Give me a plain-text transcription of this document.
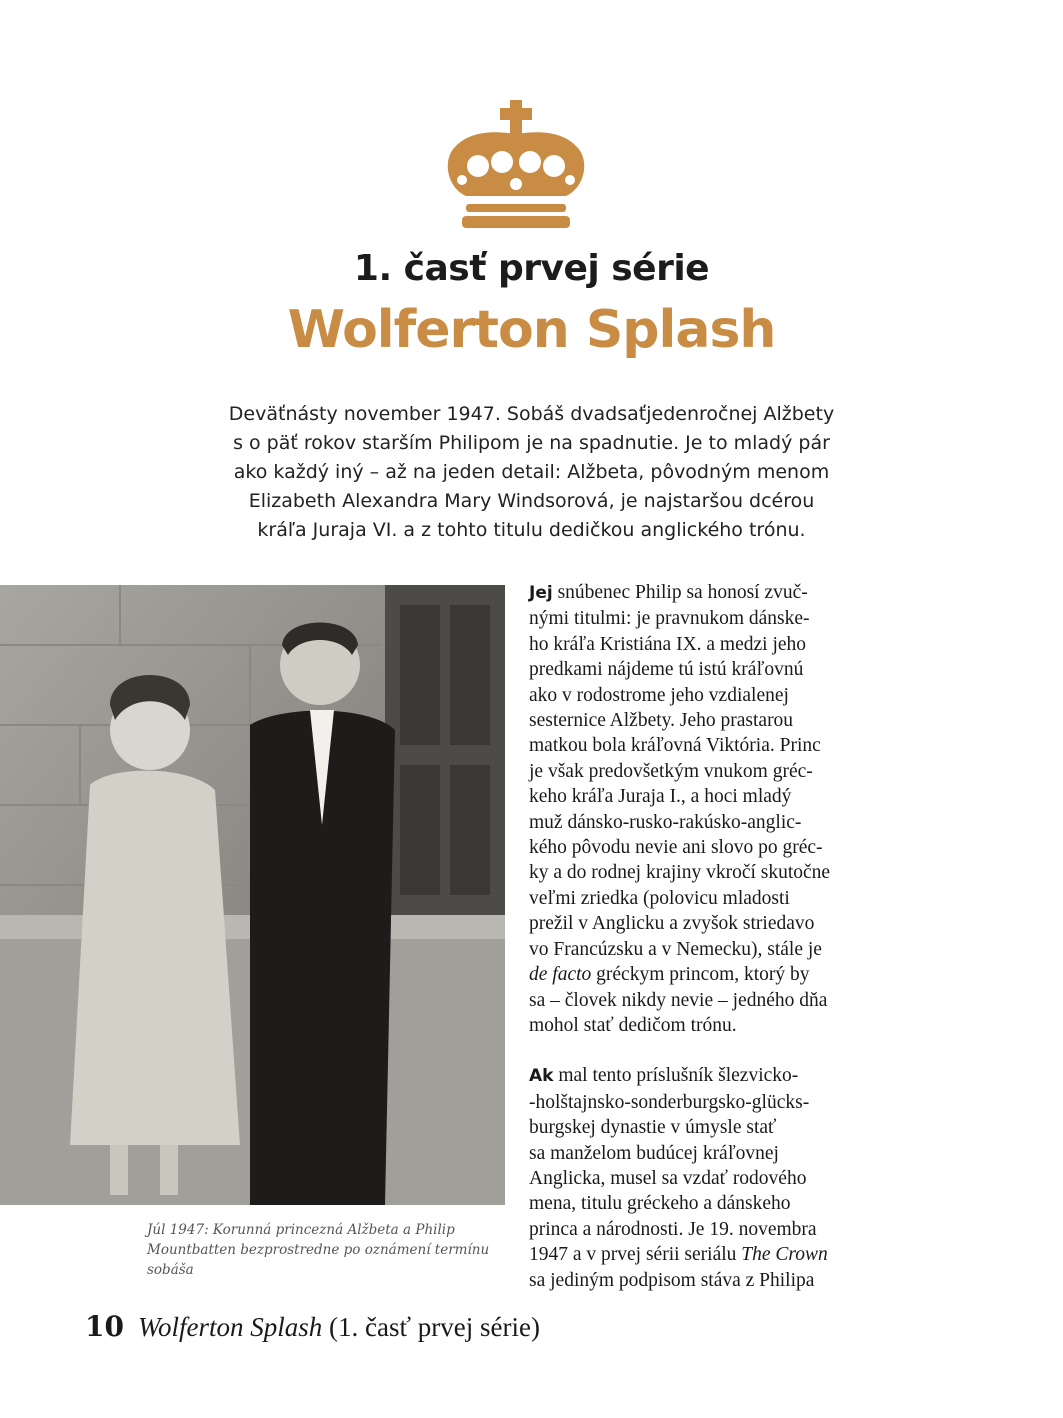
1. časť prvej série
Wolferton Splash
Deväťnásty november 1947. Sobáš dvadsaťjedenročnej Alžbety
s o päť rokov starším Philipom je na spadnutie. Je to mladý pár
ako každý iný – až na jeden detail: Alžbeta, pôvodným menom
Elizabeth Alexandra Mary Windsorová, je najstaršou dcérou
kráľa Juraja VI. a z tohto titulu dedičkou anglického trónu.
Júl 1947: Korunná princezná Alžbeta a Philip Mountbatten bezprostredne po oznámení termínu sobáša
Jej snúbenec Philip sa honosí zvuč-
nými titulmi: je pravnukom dánske-
ho kráľa Kristiána IX. a medzi jeho
predkami nájdeme tú istú kráľovnú
ako v rodostrome jeho vzdialenej
sesternice Alžbety. Jeho prastarou
matkou bola kráľovná Viktória. Princ
je však predovšetkým vnukom gréc-
keho kráľa Juraja I., a hoci mladý
muž dánsko-rusko-rakúsko-anglic-
kého pôvodu nevie ani slovo po gréc-
ky a do rodnej krajiny vkročí skutočne
veľmi zriedka (polovicu mladosti
prežil v Anglicku a zvyšok striedavo
vo Francúzsku a v Nemecku), stále je
de facto gréckym princom, ktorý by
sa – človek nikdy nevie – jedného dňa
mohol stať dedičom trónu.
Ak mal tento príslušník šlezvicko-
-holštajnsko-sonderburgsko-glücks-
burgskej dynastie v úmysle stať
sa manželom budúcej kráľovnej
Anglicka, musel sa vzdať rodového
mena, titulu gréckeho a dánskeho
princa a národnosti. Je 19. novembra
1947 a v prvej sérii seriálu The Crown
sa jediným podpisom stáva z Philipa
10 Wolferton Splash (1. časť prvej série)
